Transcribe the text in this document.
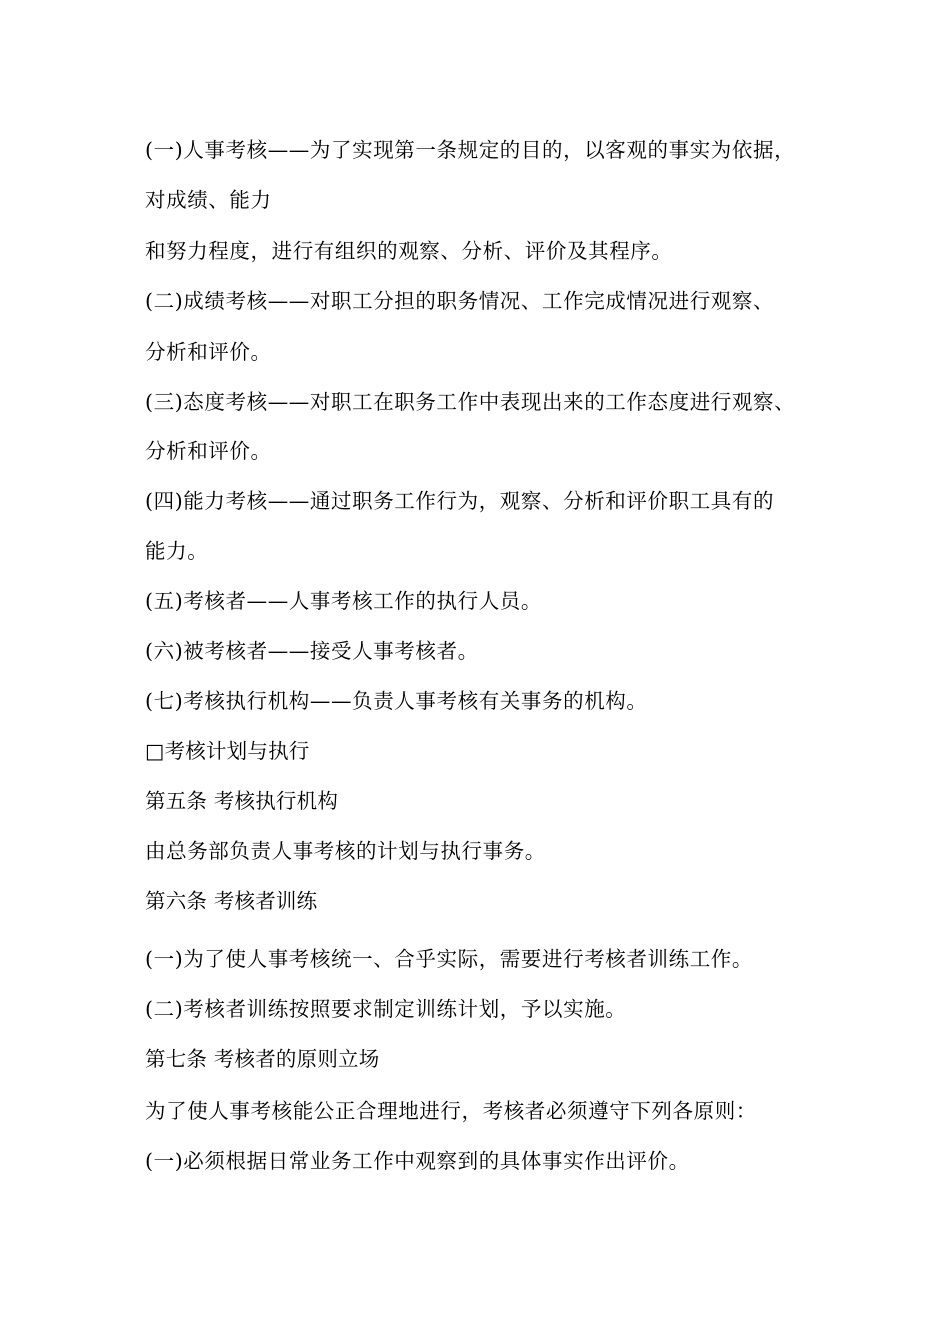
(一)人事考核——为了实现第一条规定的目的，以客观的事实为依据，
对成绩、能力
和努力程度，进行有组织的观察、分析、评价及其程序。
(二)成绩考核——对职工分担的职务情况、工作完成情况进行观察、
分析和评价。
(三)态度考核——对职工在职务工作中表现出来的工作态度进行观察、
分析和评价。
(四)能力考核——通过职务工作行为，观察、分析和评价职工具有的
能力。
(五)考核者——人事考核工作的执行人员。
(六)被考核者——接受人事考核者。
(七)考核执行机构——负责人事考核有关事务的机构。
□考核计划与执行
第五条 考核执行机构
由总务部负责人事考核的计划与执行事务。
第六条 考核者训练
(一)为了使人事考核统一、合乎实际，需要进行考核者训练工作。
(二)考核者训练按照要求制定训练计划，予以实施。
第七条 考核者的原则立场
为了使人事考核能公正合理地进行，考核者必须遵守下列各原则：
(一)必须根据日常业务工作中观察到的具体事实作出评价。
